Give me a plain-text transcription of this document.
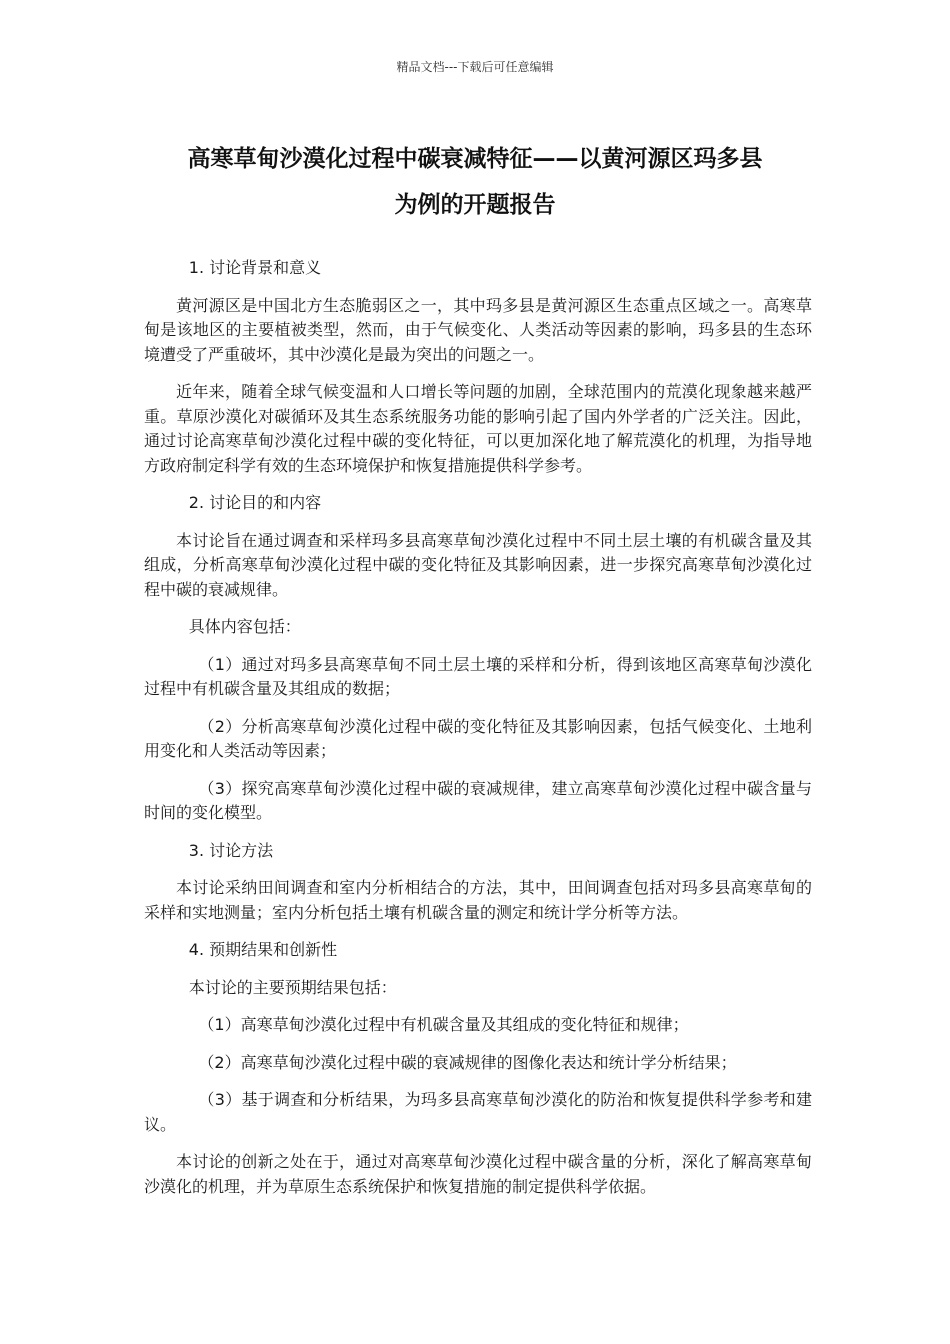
精品文档---下载后可任意编辑
高寒草甸沙漠化过程中碳衰减特征——以黄河源区玛多县
为例的开题报告

1. 讨论背景和意义

黄河源区是中国北方生态脆弱区之一，其中玛多县是黄河源区生态重点区域之一。高寒草甸是该地区的主要植被类型，然而，由于气候变化、人类活动等因素的影响，玛多县的生态环境遭受了严重破坏，其中沙漠化是最为突出的问题之一。

近年来，随着全球气候变温和人口增长等问题的加剧，全球范围内的荒漠化现象越来越严重。草原沙漠化对碳循环及其生态系统服务功能的影响引起了国内外学者的广泛关注。因此，通过讨论高寒草甸沙漠化过程中碳的变化特征，可以更加深化地了解荒漠化的机理，为指导地方政府制定科学有效的生态环境保护和恢复措施提供科学参考。

2. 讨论目的和内容

本讨论旨在通过调查和采样玛多县高寒草甸沙漠化过程中不同土层土壤的有机碳含量及其组成，分析高寒草甸沙漠化过程中碳的变化特征及其影响因素，进一步探究高寒草甸沙漠化过程中碳的衰减规律。

具体内容包括：

（1）通过对玛多县高寒草甸不同土层土壤的采样和分析，得到该地区高寒草甸沙漠化过程中有机碳含量及其组成的数据；

（2）分析高寒草甸沙漠化过程中碳的变化特征及其影响因素，包括气候变化、土地利用变化和人类活动等因素；

（3）探究高寒草甸沙漠化过程中碳的衰减规律，建立高寒草甸沙漠化过程中碳含量与时间的变化模型。

3. 讨论方法

本讨论采纳田间调查和室内分析相结合的方法，其中，田间调查包括对玛多县高寒草甸的采样和实地测量；室内分析包括土壤有机碳含量的测定和统计学分析等方法。

4. 预期结果和创新性

本讨论的主要预期结果包括：

（1）高寒草甸沙漠化过程中有机碳含量及其组成的变化特征和规律；

（2）高寒草甸沙漠化过程中碳的衰减规律的图像化表达和统计学分析结果；

（3）基于调查和分析结果，为玛多县高寒草甸沙漠化的防治和恢复提供科学参考和建议。

本讨论的创新之处在于，通过对高寒草甸沙漠化过程中碳含量的分析，深化了解高寒草甸沙漠化的机理，并为草原生态系统保护和恢复措施的制定提供科学依据。
